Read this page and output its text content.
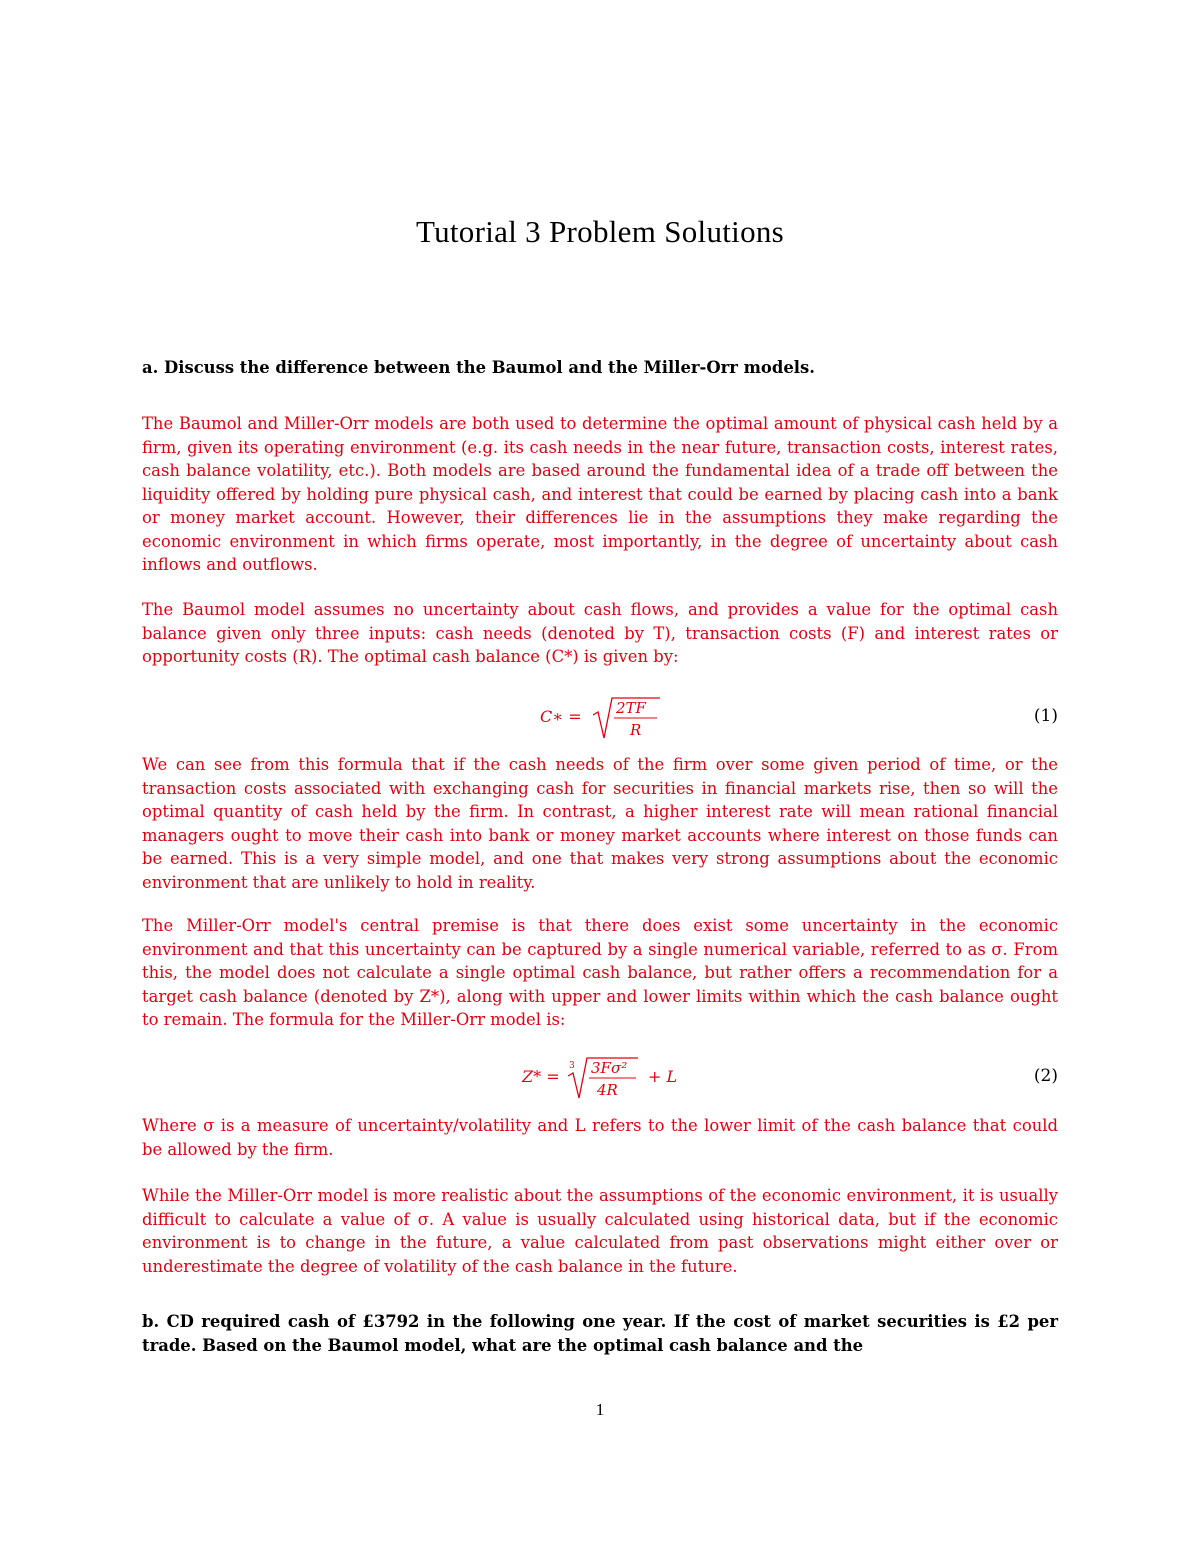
Tutorial 3 Problem Solutions
a. Discuss the difference between the Baumol and the Miller-Orr models.
The Baumol and Miller-Orr models are both used to determine the optimal amount of physical cash held by a firm, given its operating environment (e.g. its cash needs in the near future, transaction costs, interest rates, cash balance volatility, etc.). Both models are based around the fundamental idea of a trade off between the liquidity offered by holding pure physical cash, and interest that could be earned by placing cash into a bank or money market account. However, their differences lie in the assumptions they make regarding the economic environment in which firms operate, most importantly, in the degree of uncertainty about cash inflows and outflows.
The Baumol model assumes no uncertainty about cash flows, and provides a value for the optimal cash balance given only three inputs: cash needs (denoted by T), transaction costs (F) and interest rates or opportunity costs (R). The optimal cash balance (C*) is given by:
C∗ = 2TF
R
(1)
We can see from this formula that if the cash needs of the firm over some given period of time, or the transaction costs associated with exchanging cash for securities in financial markets rise, then so will the optimal quantity of cash held by the firm. In contrast, a higher interest rate will mean rational financial managers ought to move their cash into bank or money market accounts where interest on those funds can be earned. This is a very simple model, and one that makes very strong assumptions about the economic environment that are unlikely to hold in reality.
The Miller-Orr model's central premise is that there does exist some uncertainty in the economic environment and that this uncertainty can be captured by a single numerical variable, referred to as σ. From this, the model does not calculate a single optimal cash balance, but rather offers a recommendation for a target cash balance (denoted by Z*), along with upper and lower limits within which the cash balance ought to remain. The formula for the Miller-Orr model is:
Z* =
3 3Fσ²
4R
+ L	(2)
Where σ is a measure of uncertainty/volatility and L refers to the lower limit of the cash balance that could be allowed by the firm.
While the Miller-Orr model is more realistic about the assumptions of the economic environment, it is usually difficult to calculate a value of σ. A value is usually calculated using historical data, but if the economic environment is to change in the future, a value calculated from past observations might either over or underestimate the degree of volatility of the cash balance in the future.
b. CD required cash of £3792 in the following one year. If the cost of market securities is £2 per trade. Based on the Baumol model, what are the optimal cash balance and the
1
